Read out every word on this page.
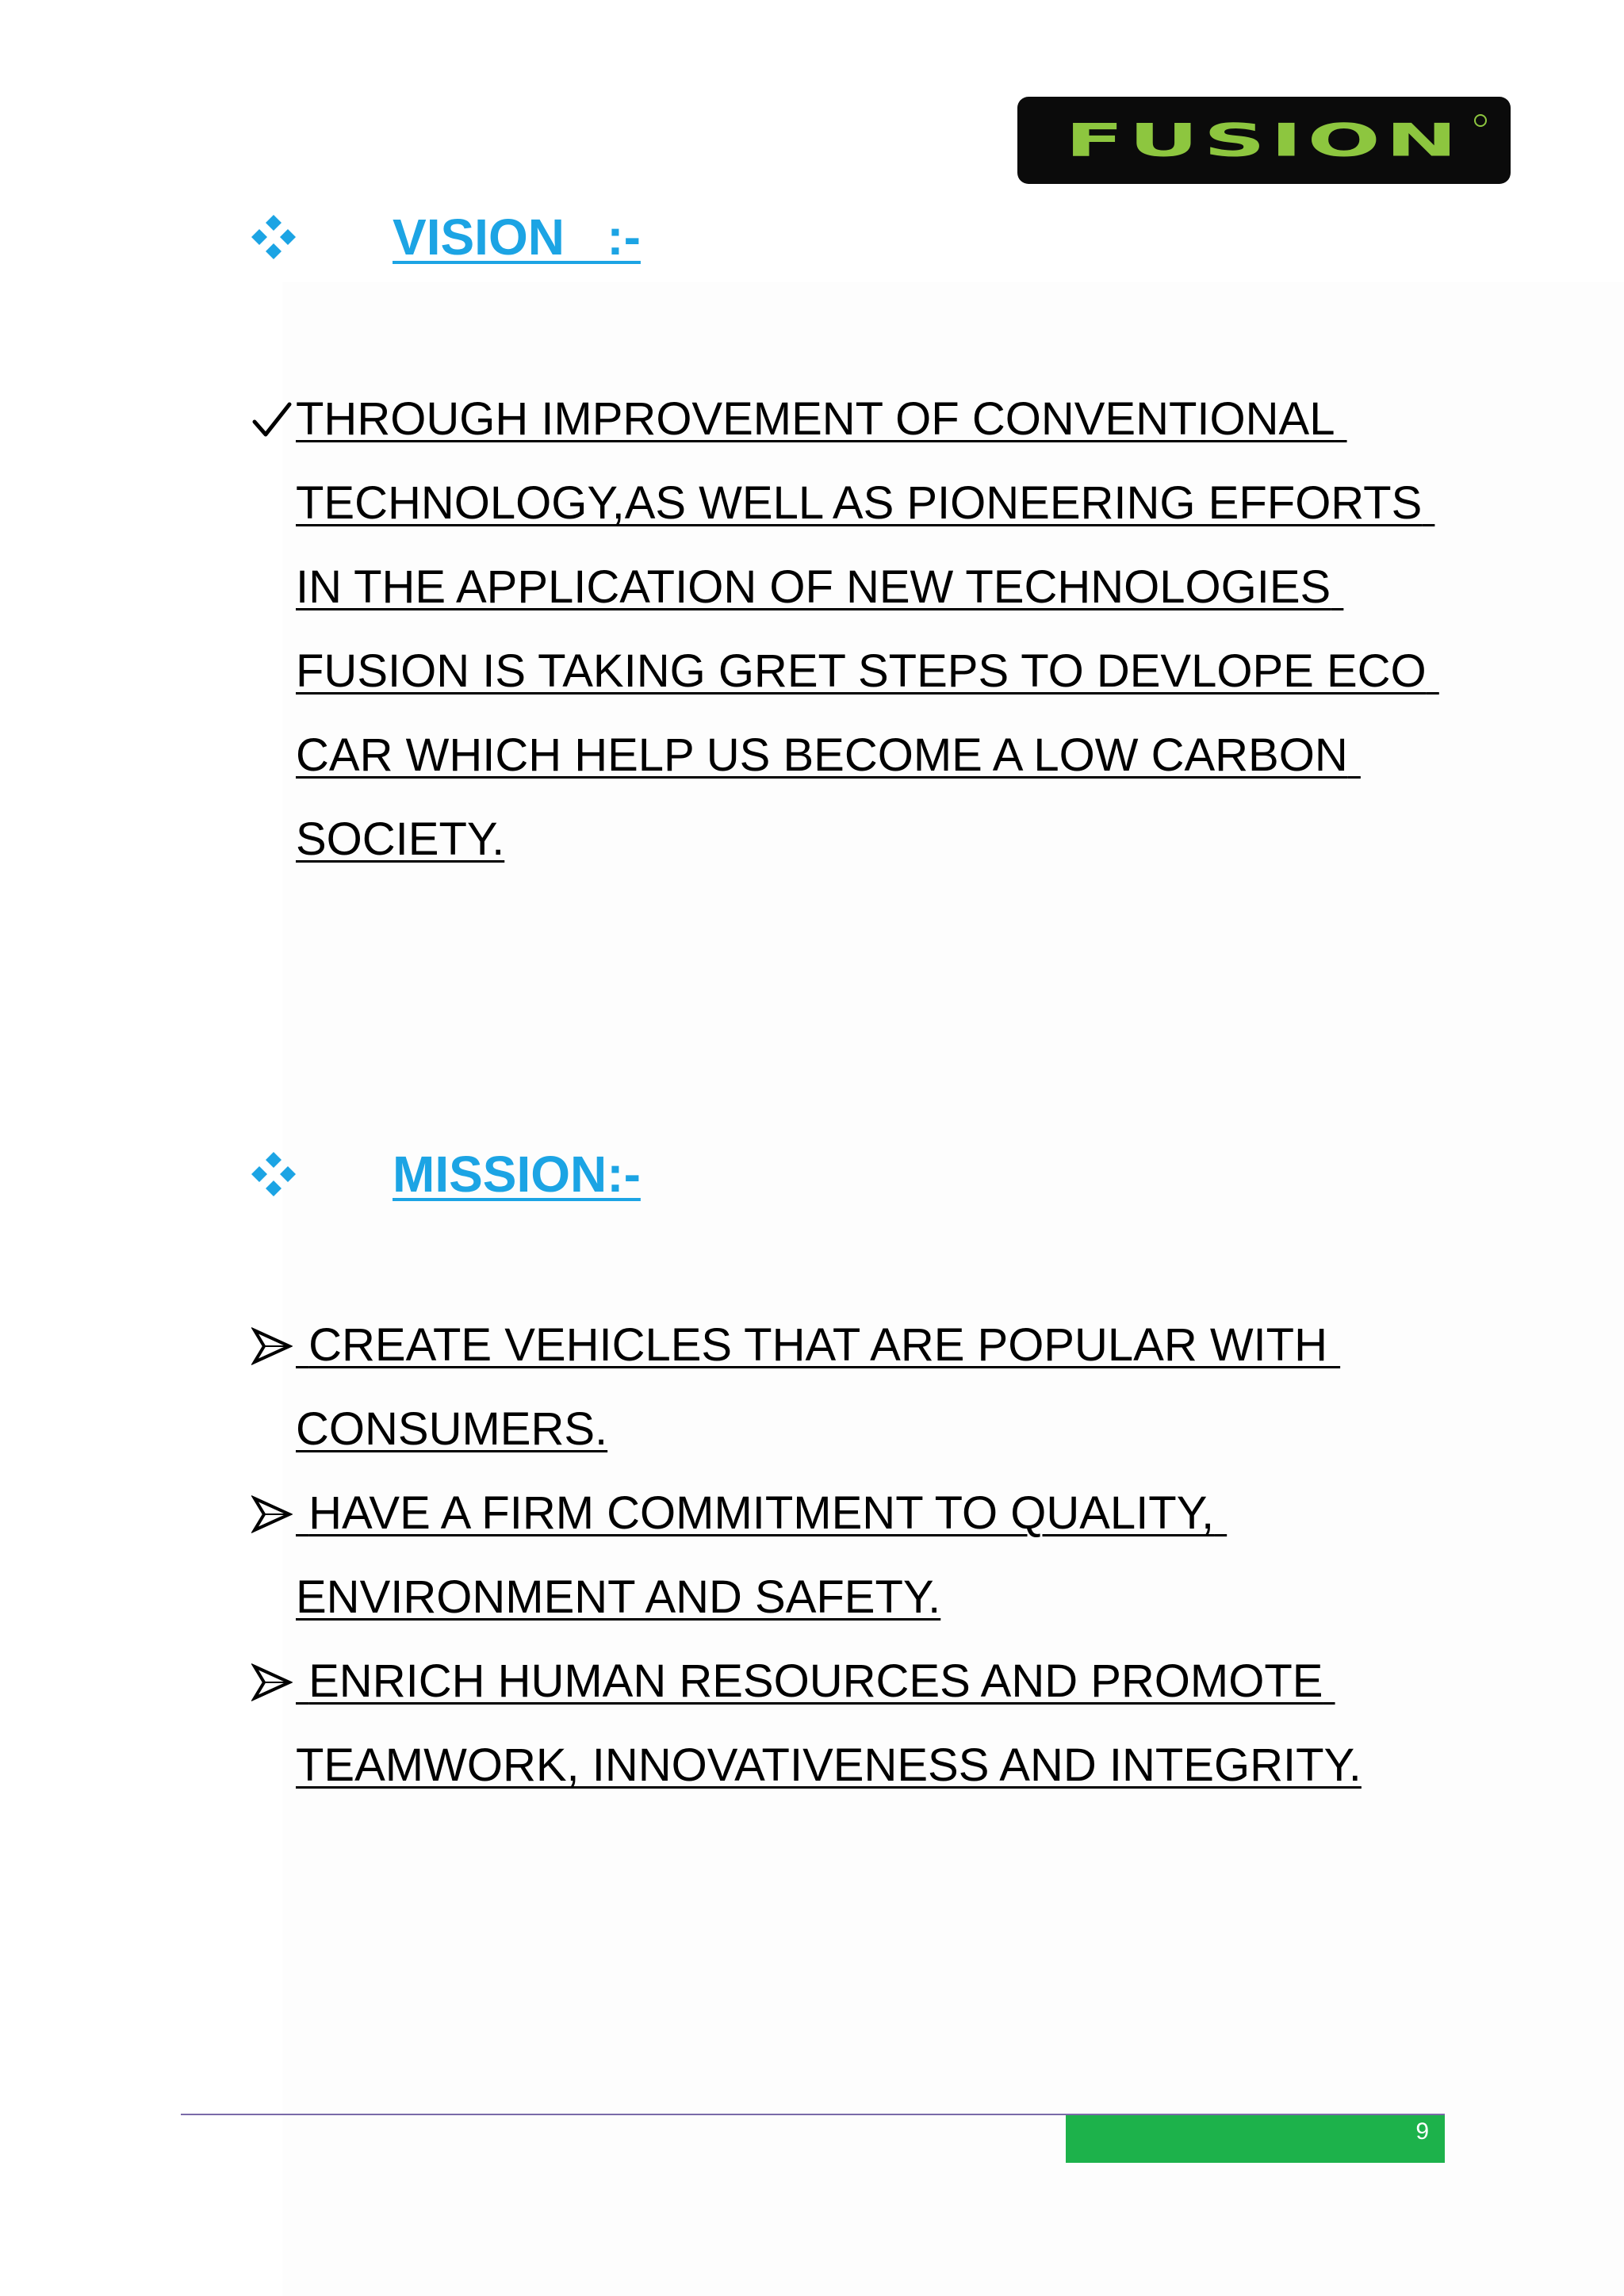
FUSION
VISION   :-
THROUGH IMPROVEMENT OF CONVENTIONAL TECHNOLOGY,AS WELL AS PIONEERING EFFORTS IN THE APPLICATION OF NEW TECHNOLOGIES FUSION IS TAKING GRET STEPS TO DEVLOPE ECO CAR WHICH HELP US BECOME A LOW CARBON SOCIETY.
MISSION:-
CREATE VEHICLES THAT ARE POPULAR WITH CONSUMERS.
HAVE A FIRM COMMITMENT TO QUALITY, ENVIRONMENT AND SAFETY.
ENRICH HUMAN RESOURCES AND PROMOTE TEAMWORK, INNOVATIVENESS AND INTEGRITY.
9
